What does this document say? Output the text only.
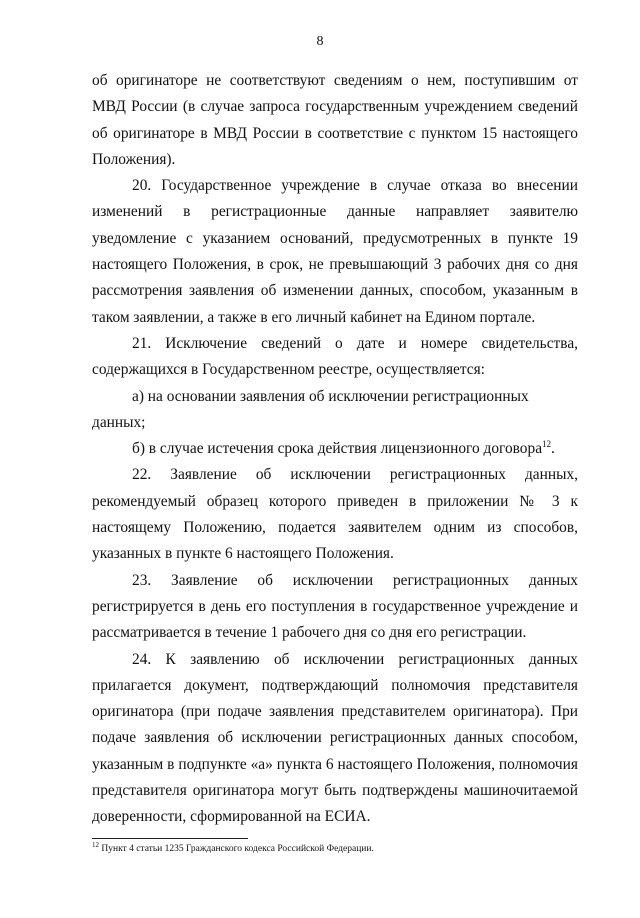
8

об оригинаторе не соответствуют сведениям о нем, поступившим от МВД России (в случае запроса государственным учреждением сведений об оригинаторе в МВД России в соответствие с пунктом 15 настоящего Положения).

20. Государственное учреждение в случае отказа во внесении изменений в регистрационные данные направляет заявителю уведомление с указанием оснований, предусмотренных в пункте 19 настоящего Положения, в срок, не превышающий 3 рабочих дня со дня рассмотрения заявления об изменении данных, способом, указанным в таком заявлении, а также в его личный кабинет на Едином портале.

21. Исключение сведений о дате и номере свидетельства, содержащихся в Государственном реестре, осуществляется:

а) на основании заявления об исключении регистрационных данных;

б) в случае истечения срока действия лицензионного договора$^{12}$.

22. Заявление об исключении регистрационных данных, рекомендуемый образец которого приведен в приложении № 3 к настоящему Положению, подается заявителем одним из способов, указанных в пункте 6 настоящего Положения.

23. Заявление об исключении регистрационных данных регистрируется в день его поступления в государственное учреждение и рассматривается в течение 1 рабочего дня со дня его регистрации.

24. К заявлению об исключении регистрационных данных прилагается документ, подтверждающий полномочия представителя оригинатора (при подаче заявления представителем оригинатора). При подаче заявления об исключении регистрационных данных способом, указанным в подпункте «а» пункта 6 настоящего Положения, полномочия представителя оригинатора могут быть подтверждены машиночитаемой доверенности, сформированной на ЕСИА.

$^{12}$ Пункт 4 статьи 1235 Гражданского кодекса Российской Федерации.
